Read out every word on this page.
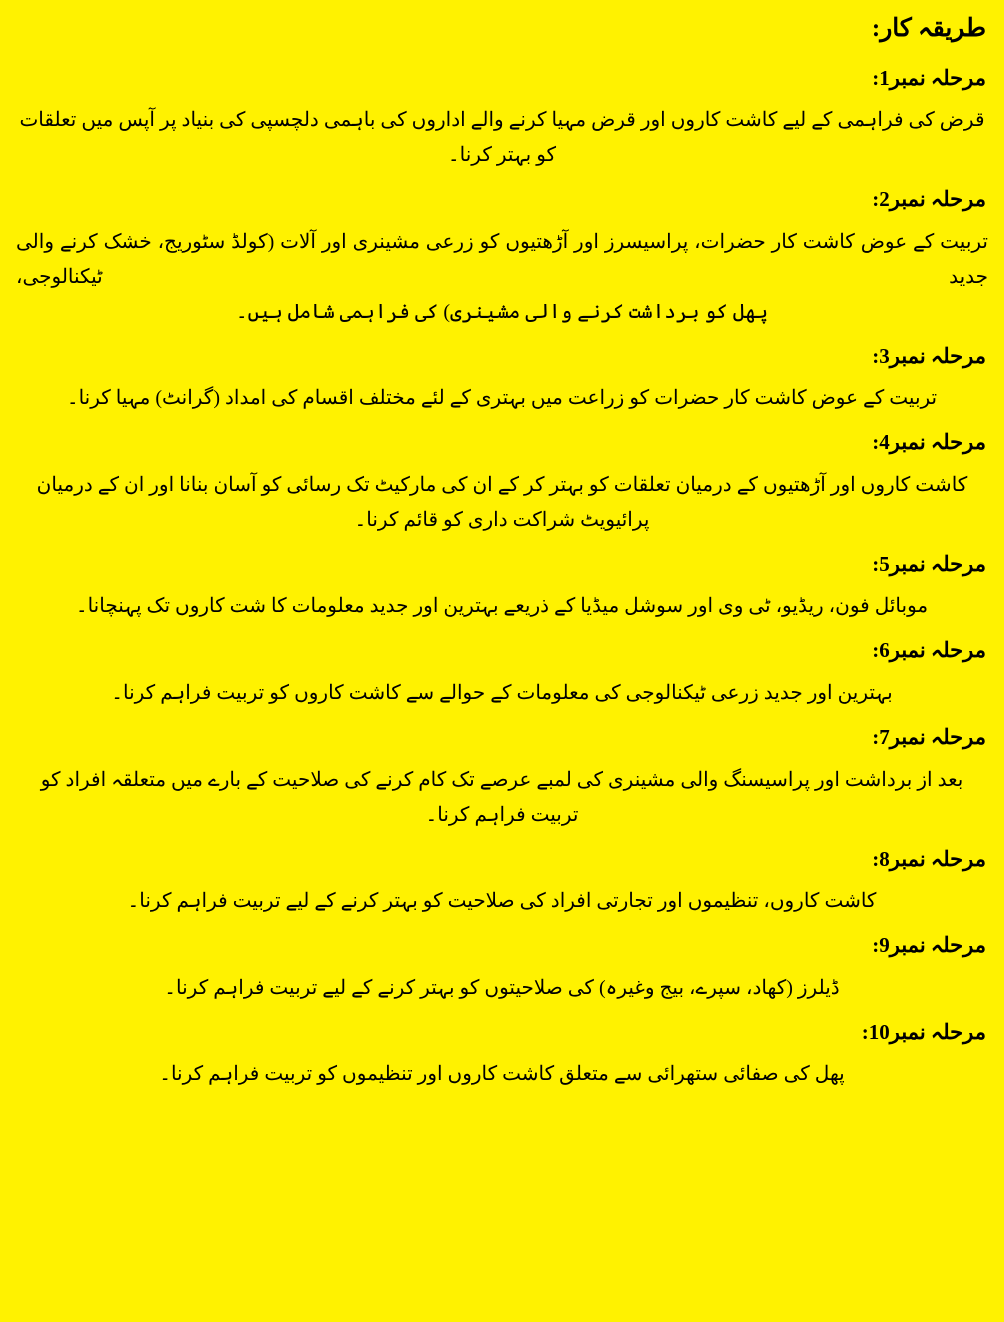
طریقہ کار:
مرحلہ نمبر1:
قرض کی فراہمی کے لیے کاشت کاروں اور قرض مہیا کرنے والے اداروں کی باہمی دلچسپی کی بنیاد پر آپس میں تعلقات کو بہتر کرنا۔
مرحلہ نمبر2:
تربیت کے عوض کاشت کار حضرات، پراسیسرز اور آڑھتیوں کو زرعی مشینری اور آلات (کولڈ سٹوریج، خشک کرنے والی جدید ٹیکنالوجی،
پھل کو برداشت کرنے والی مشینری) کی فراہمی شامل ہیں۔
مرحلہ نمبر3:
تربیت کے عوض کاشت کار حضرات کو زراعت میں بہتری کے لئے مختلف اقسام کی امداد (گرانٹ) مہیا کرنا۔
مرحلہ نمبر4:
کاشت کاروں اور آڑھتیوں کے درمیان تعلقات کو بہتر کر کے ان کی مارکیٹ تک رسائی کو آسان بنانا اور ان کے درمیان پرائیویٹ شراکت داری کو قائم کرنا۔
مرحلہ نمبر5:
موبائل فون، ریڈیو، ٹی وی اور سوشل میڈیا کے ذریعے بہترین اور جدید معلومات کا شت کاروں تک پہنچانا۔
مرحلہ نمبر6:
بہترین اور جدید زرعی ٹیکنالوجی کی معلومات کے حوالے سے کاشت کاروں کو تربیت فراہم کرنا۔
مرحلہ نمبر7:
بعد از برداشت اور پراسیسنگ والی مشینری کی لمبے عرصے تک کام کرنے کی صلاحیت کے بارے میں متعلقہ افراد کو تربیت فراہم کرنا۔
مرحلہ نمبر8:
کاشت کاروں، تنظیموں اور تجارتی افراد کی صلاحیت کو بہتر کرنے کے لیے تربیت فراہم کرنا۔
مرحلہ نمبر9:
ڈیلرز (کھاد، سپرے، بیج وغیرہ) کی صلاحیتوں کو بہتر کرنے کے لیے تربیت فراہم کرنا۔
مرحلہ نمبر10:
پھل کی صفائی ستھرائی سے متعلق کاشت کاروں اور تنظیموں کو تربیت فراہم کرنا۔
